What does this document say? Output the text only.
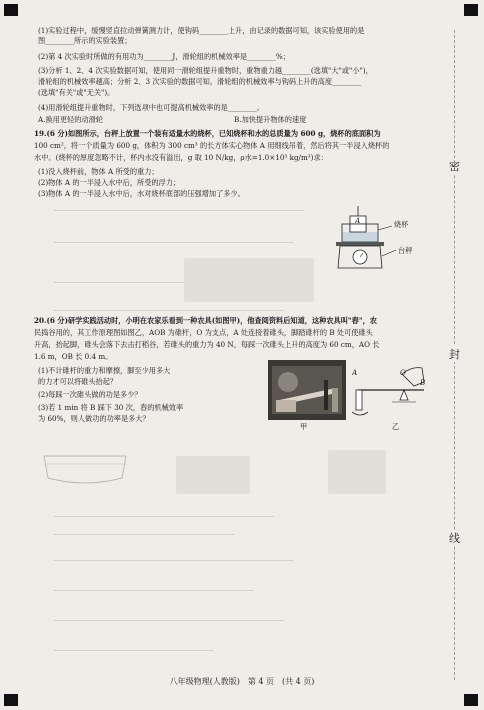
密
封
线
(1)实验过程中，缓慢竖直拉动弹簧测力计，使钩码________上升，由记录的数据可知，该实验使用的是
图________所示的实验装置；
(2)第 4 次实验时所做的有用功为________J，滑轮组的机械效率是________%；
(3)分析 1、2、4 次实验数据可知，使用同一滑轮组提升重物时，重物重力越________(选填"大"或"小")，
滑轮组的机械效率越高；分析 2、3 次实验的数据可知，滑轮组的机械效率与钩码上升的高度________
(选填"有关"或"无关")。
(4)用滑轮组提升重物时，下列选项中也可提高机械效率的是________。
A.换用更轻的动滑轮	B.加快提升物体的速度
19.(6 分)如图所示，台秤上放置一个装有适量水的烧杯，已知烧杯和水的总质量为 600 g，烧杯的底面积为
100 cm²，将一个质量为 600 g，体积为 300 cm³ 的长方体实心物体 A 用细线吊着，然后将其一半浸入烧杯的
水中。(烧杯的厚度忽略不计，杯内水没有溢出，g 取 10 N/kg，ρ水=1.0×10³ kg/m³)求：
(1)没入烧杯前，物体 A 所受的重力；
(2)物体 A 的一半浸入水中后，所受的浮力；
(3)物体 A 的一半浸入水中后，水对烧杯底部的压强增加了多少。
A	烧杯
台秤
20.(6 分)研学实践活动时，小明在农家乐看到一种农具(如图甲)，他查阅资料后知道，这种农具叫"舂"，农
民捣谷用的，其工作原理图如图乙，AOB 为碓杆，O 为支点，A 处连接着碓头，脚踏碓杆的 B 处可使碓头
升高，抬起脚，碓头会落下去击打稻谷，若碓头的重力为 40 N，每踩一次碓头上升的高度为 60 cm，AO 长
1.6 m，OB 长 0.4 m。
(1)不计碓杆的重力和摩擦，脚至少用多大
的力才可以将碓头抬起？
(2)每踩一次碓头做的功是多少？
(3)若 1 min 将 B 踩下 30 次，舂的机械效率
为 60%，则人做功的功率是多大？
甲
A	O
B
乙
八年级物理(人教版)　第 4 页　(共 4 页)
